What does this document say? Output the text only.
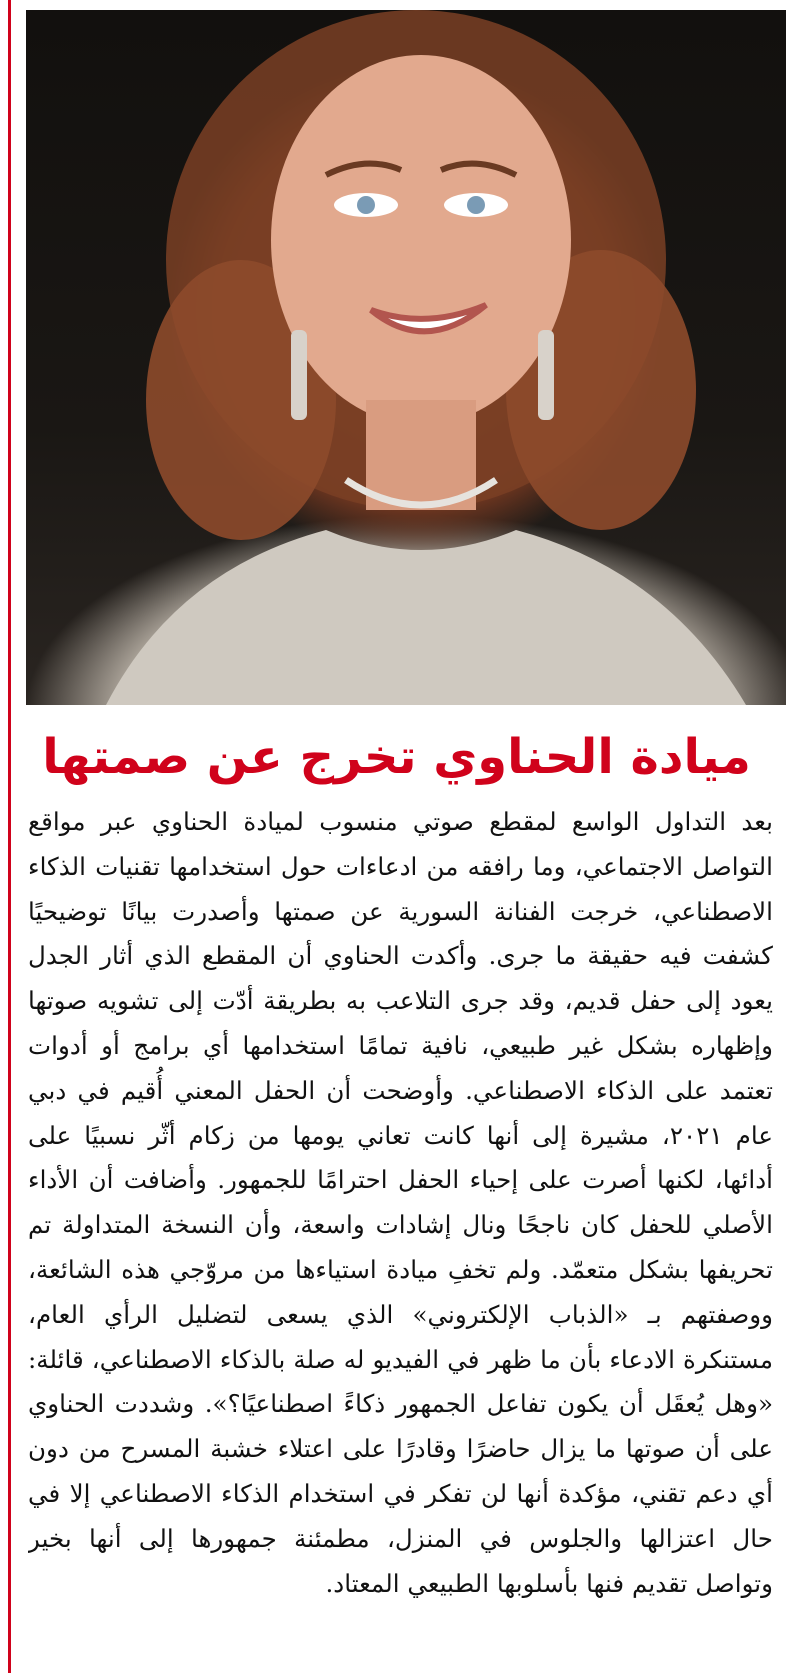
ميادة الحناوي تخرج عن صمتها
بعد التداول الواسع لمقطع صوتي منسوب لميادة الحناوي عبر مواقع التواصل الاجتماعي، وما رافقه من ادعاءات حول استخدامها تقنيات الذكاء الاصطناعي، خرجت الفنانة السورية عن صمتها وأصدرت بيانًا توضيحيًا كشفت فيه حقيقة ما جرى. وأكدت الحناوي أن المقطع الذي أثار الجدل يعود إلى حفل قديم، وقد جرى التلاعب به بطريقة أدّت إلى تشويه صوتها وإظهاره بشكل غير طبيعي، نافية تمامًا استخدامها أي برامج أو أدوات تعتمد على الذكاء الاصطناعي. وأوضحت أن الحفل المعني أُقيم في دبي عام ٢٠٢١، مشيرة إلى أنها كانت تعاني يومها من زكام أثّر نسبيًا على أدائها، لكنها أصرت على إحياء الحفل احترامًا للجمهور. وأضافت أن الأداء الأصلي للحفل كان ناجحًا ونال إشادات واسعة، وأن النسخة المتداولة تم تحريفها بشكل متعمّد. ولم تخفِ ميادة استياءها من مروّجي هذه الشائعة، ووصفتهم بـ «الذباب الإلكتروني» الذي يسعى لتضليل الرأي العام، مستنكرة الادعاء بأن ما ظهر في الفيديو له صلة بالذكاء الاصطناعي، قائلة: «وهل يُعقَل أن يكون تفاعل الجمهور ذكاءً اصطناعيًا؟». وشددت الحناوي على أن صوتها ما يزال حاضرًا وقادرًا على اعتلاء خشبة المسرح من دون أي دعم تقني، مؤكدة أنها لن تفكر في استخدام الذكاء الاصطناعي إلا في حال اعتزالها والجلوس في المنزل، مطمئنة جمهورها إلى أنها بخير وتواصل تقديم فنها بأسلوبها الطبيعي المعتاد.
